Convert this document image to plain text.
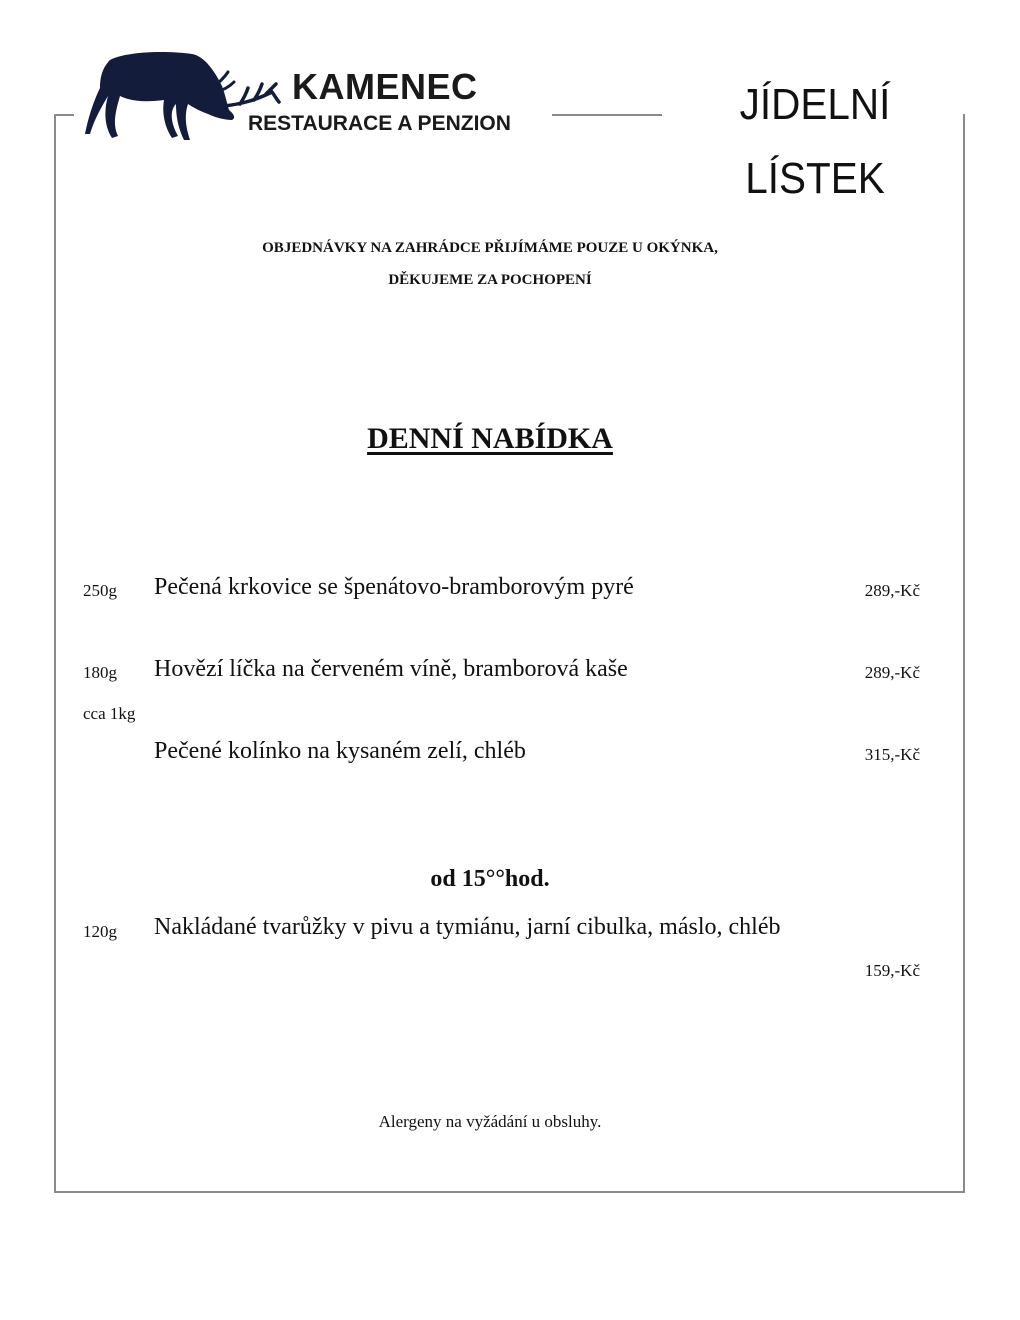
KAMENEC
RESTAURACE A PENZION	JÍDELNÍ
LÍSTEK
OBJEDNÁVKY NA ZAHRÁDCE PŘIJÍMÁME POUZE U OKÝNKA,
DĚKUJEME ZA POCHOPENÍ
DENNÍ NABÍDKA
250g Pečená krkovice se špenátovo-bramborovým pyré	289,-Kč
180g Hovězí líčka na červeném víně, bramborová kaše	289,-Kč
cca 1kg
Pečené kolínko na kysaném zelí, chléb	315,-Kč
od 15°°hod.
120g Nakládané tvarůžky v pivu a tymiánu, jarní cibulka, máslo, chléb
159,-Kč
Alergeny na vyžádání u obsluhy.
